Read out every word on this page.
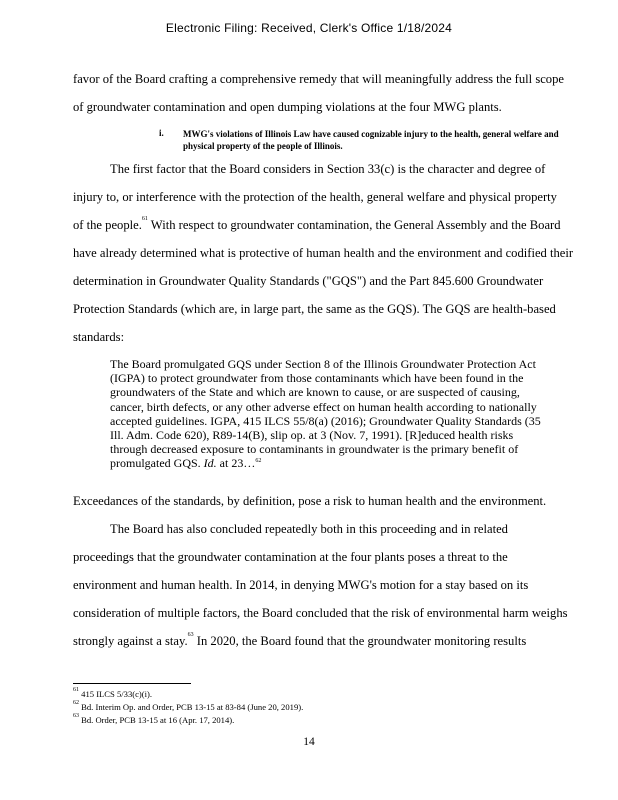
Electronic Filing: Received, Clerk's Office 1/18/2024
favor of the Board crafting a comprehensive remedy that will meaningfully address the full scope
of groundwater contamination and open dumping violations at the four MWG plants.
i. MWG's violations of Illinois Law have caused cognizable injury to the health, general welfare and physical property of the people of Illinois.
The first factor that the Board considers in Section 33(c) is the character and degree of
injury to, or interference with the protection of the health, general welfare and physical property
of the people.$^{61}$ With respect to groundwater contamination, the General Assembly and the Board
have already determined what is protective of human health and the environment and codified their
determination in Groundwater Quality Standards ("GQS") and the Part 845.600 Groundwater
Protection Standards (which are, in large part, the same as the GQS). The GQS are health-based
standards:

The Board promulgated GQS under Section 8 of the Illinois Groundwater Protection Act (IGPA) to protect groundwater from those contaminants which have been found in the groundwaters of the State and which are known to cause, or are suspected of causing, cancer, birth defects, or any other adverse effect on human health according to nationally accepted guidelines. IGPA, 415 ILCS 55/8(a) (2016); Groundwater Quality Standards (35 Ill. Adm. Code 620), R89-14(B), slip op. at 3 (Nov. 7, 1991). [R]educed health risks through decreased exposure to contaminants in groundwater is the primary benefit of promulgated GQS. Id. at 23…$^{62}$

Exceedances of the standards, by definition, pose a risk to human health and the environment.
The Board has also concluded repeatedly both in this proceeding and in related
proceedings that the groundwater contamination at the four plants poses a threat to the
environment and human health. In 2014, in denying MWG's motion for a stay based on its
consideration of multiple factors, the Board concluded that the risk of environmental harm weighs
strongly against a stay.$^{63}$ In 2020, the Board found that the groundwater monitoring results
$^{61}$ 415 ILCS 5/33(c)(i).
$^{62}$ Bd. Interim Op. and Order, PCB 13-15 at 83-84 (June 20, 2019).
$^{63}$ Bd. Order, PCB 13-15 at 16 (Apr. 17, 2014).
14
